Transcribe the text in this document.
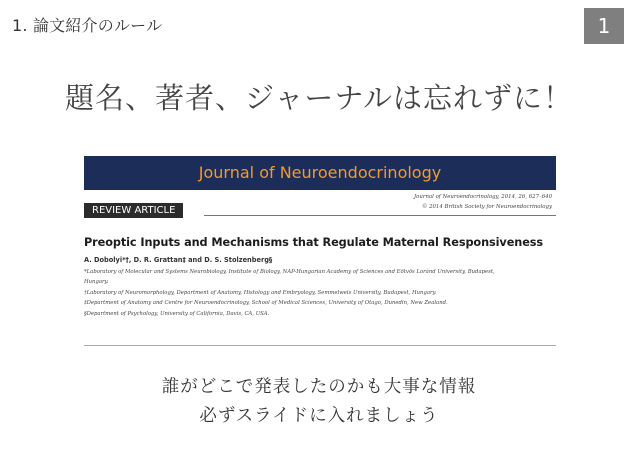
1. 論文紹介のルール	1
題名、著者、ジャーナルは忘れずに！
Journal of Neuroendocrinology
Journal of Neuroendocrinology, 2014, 26, 627–640
REVIEW ARTICLE	© 2014 British Society for Neuroendocrinology
Preoptic Inputs and Mechanisms that Regulate Maternal Responsiveness
A. Dobolyi*†, D. R. Grattan‡ and D. S. Stolzenberg§
*Laboratory of Molecular and Systems Neurobiology, Institute of Biology, NAP-Hungarian Academy of Sciences and Eötvös Loránd University, Budapest,
Hungary.
†Laboratory of Neuromorphology, Department of Anatomy, Histology and Embryology, Semmelweis University, Budapest, Hungary.
‡Department of Anatomy and Centre for Neuroendocrinology, School of Medical Sciences, University of Otago, Dunedin, New Zealand.
§Department of Psychology, University of California, Davis, CA, USA.
誰がどこで発表したのかも大事な情報
必ずスライドに入れましょう
